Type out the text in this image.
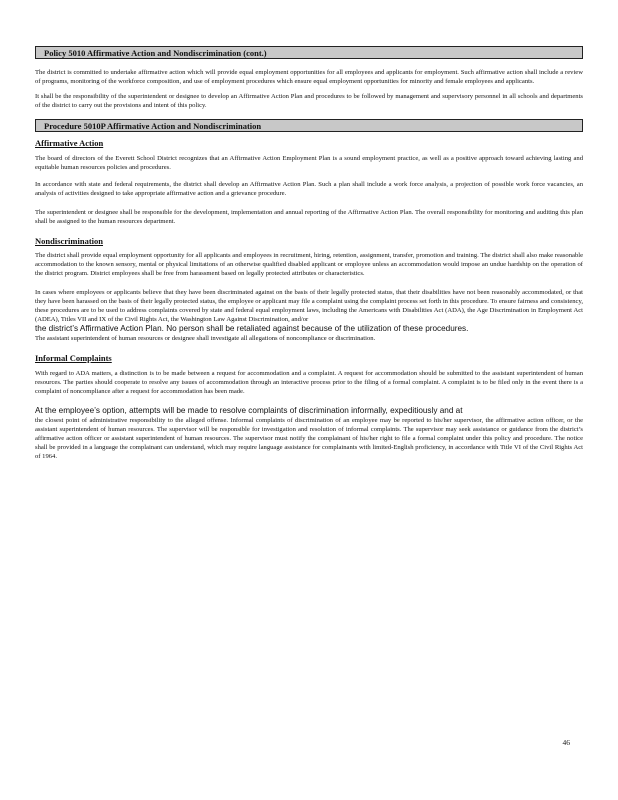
Policy 5010 Affirmative Action and Nondiscrimination (cont.)

The district is committed to undertake affirmative action which will provide equal employment opportunities for all employees and applicants for employment. Such affirmative action shall include a review of programs, monitoring of the workforce composition, and use of employment procedures which ensure equal employment opportunities for minority and female employees and applicants.

It shall be the responsibility of the superintendent or designee to develop an Affirmative Action Plan and procedures to be followed by management and supervisory personnel in all schools and departments of the district to carry out the provisions and intent of this policy.

Procedure 5010P Affirmative Action and Nondiscrimination
Affirmative Action

The board of directors of the Everett School District recognizes that an Affirmative Action Employment Plan is a sound employment practice, as well as a positive approach toward achieving lasting and equitable human resources policies and procedures.

In accordance with state and federal requirements, the district shall develop an Affirmative Action Plan. Such a plan shall include a work force analysis, a projection of possible work force vacancies, an analysis of activities designed to take appropriate affirmative action and a grievance procedure.

The superintendent or designee shall be responsible for the development, implementation and annual reporting of the Affirmative Action Plan. The overall responsibility for monitoring and auditing this plan shall be assigned to the human resources department.

Nondiscrimination

The district shall provide equal employment opportunity for all applicants and employees in recruitment, hiring, retention, assignment, transfer, promotion and training. The district shall also make reasonable accommodation to the known sensory, mental or physical limitations of an otherwise qualified disabled applicant or employee unless an accommodation would impose an undue hardship on the operation of the district program. District employees shall be free from harassment based on legally protected attributes or characteristics.

In cases where employees or applicants believe that they have been discriminated against on the basis of their legally protected status, that their disabilities have not been reasonably accommodated, or that they have been harassed on the basis of their legally protected status, the employee or applicant may file a complaint using the complaint process set forth in this procedure. To ensure fairness and consistency, these procedures are to be used to address complaints covered by state and federal equal employment laws, including the Americans with Disabilities Act (ADA), the Age Discrimination in Employment Act (ADEA), Titles VII and IX of the Civil Rights Act, the Washington Law Against Discrimination, and/or

the district’s Affirmative Action Plan. No person shall be retaliated against because of the utilization of these procedures.

The assistant superintendent of human resources or designee shall investigate all allegations of noncompliance or discrimination.

Informal Complaints

With regard to ADA matters, a distinction is to be made between a request for accommodation and a complaint. A request for accommodation should be submitted to the assistant superintendent of human resources. The parties should cooperate to resolve any issues of accommodation through an interactive process prior to the filing of a formal complaint. A complaint is to be filed only in the event there is a complaint of noncompliance after a request for accommodation has been made.

At the employee’s option, attempts will be made to resolve complaints of discrimination informally, expeditiously and at

the closest point of administrative responsibility to the alleged offense. Informal complaints of discrimination of an employee may be reported to his/her supervisor, the affirmative action officer, or the assistant superintendent of human resources. The supervisor will be responsible for investigation and resolution of informal complaints. The supervisor may seek assistance or guidance from the district’s affirmative action officer or assistant superintendent of human resources. The supervisor must notify the complainant of his/her right to file a formal complaint under this policy and procedure. The notice shall be provided in a language the complainant can understand, which may require language assistance for complainants with limited-English proficiency, in accordance with Title VI of the Civil Rights Act of 1964.

46
